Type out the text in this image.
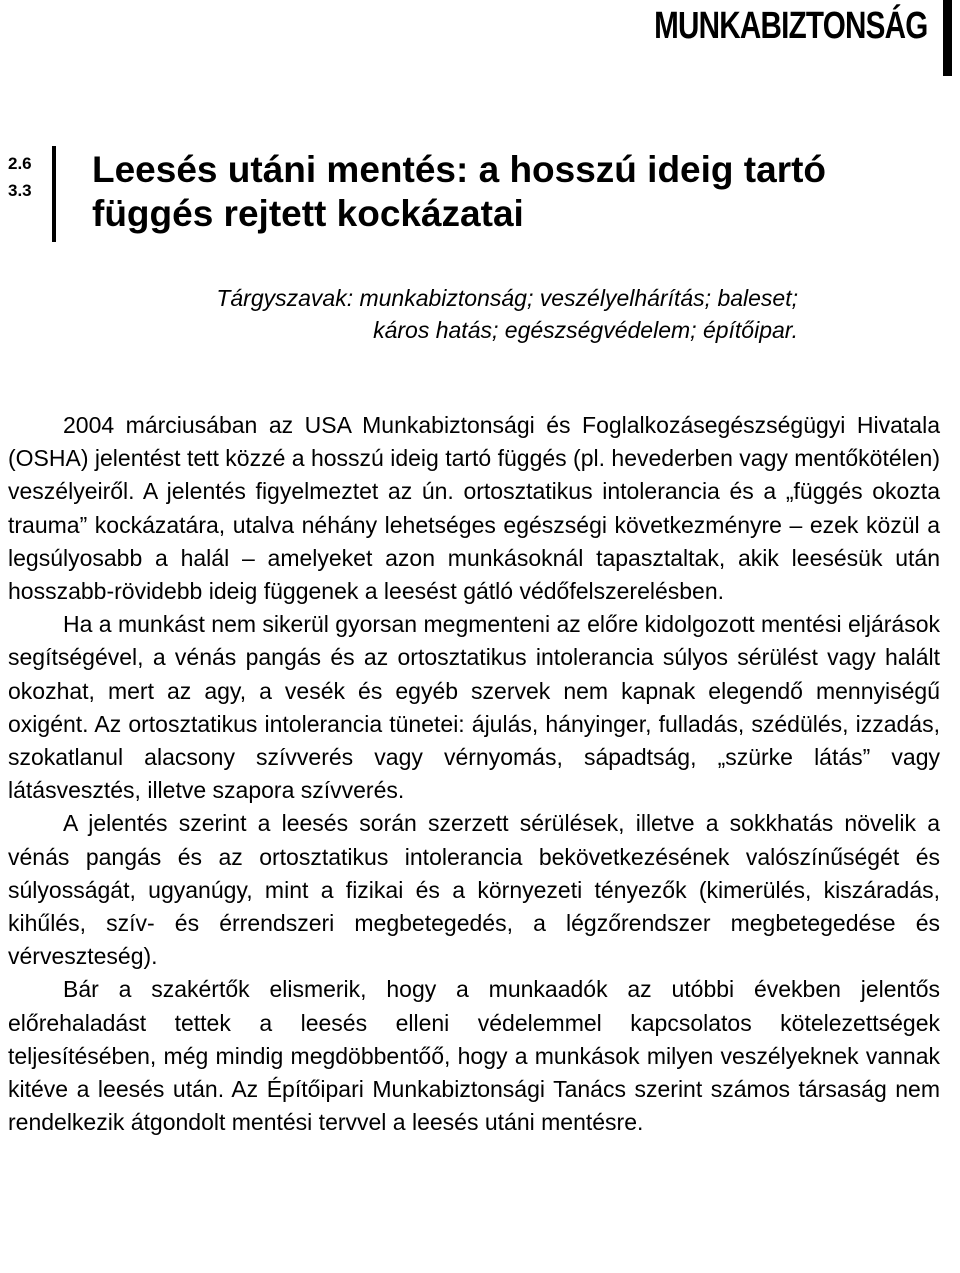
MUNKABIZTONSÁG
2.6
3.3
Leesés utáni mentés: a hosszú ideig tartó
függés rejtett kockázatai
Tárgyszavak: munkabiztonság; veszélyelhárítás; baleset;
káros hatás; egészségvédelem; építőipar.

2004 márciusában az USA Munkabiztonsági és Foglalkozásegészségügyi Hivatala (OSHA) jelentést tett közzé a hosszú ideig tartó függés (pl. hevederben vagy mentőkötélen) veszélyeiről. A jelentés figyelmeztet az ún. ortosztatikus intolerancia és a „függés okozta trauma” kockázatára, utalva néhány lehetséges egészségi következményre – ezek közül a legsúlyosabb a halál – amelyeket azon munkásoknál tapasztaltak, akik leesésük után hosszabb-rövidebb ideig függenek a leesést gátló védőfelszerelésben.

Ha a munkást nem sikerül gyorsan megmenteni az előre kidolgozott mentési eljárások segítségével, a vénás pangás és az ortosztatikus intolerancia súlyos sérülést vagy halált okozhat, mert az agy, a vesék és egyéb szervek nem kapnak elegendő mennyiségű oxigént. Az ortosztatikus intolerancia tünetei: ájulás, hányinger, fulladás, szédülés, izzadás, szokatlanul alacsony szívverés vagy vérnyomás, sápadtság, „szürke látás” vagy látásvesztés, illetve szapora szívverés.

A jelentés szerint a leesés során szerzett sérülések, illetve a sokkhatás növelik a vénás pangás és az ortosztatikus intolerancia bekövetkezésének valószínűségét és súlyosságát, ugyanúgy, mint a fizikai és a környezeti tényezők (kimerülés, kiszáradás, kihűlés, szív- és érrendszeri megbetegedés, a légzőrendszer megbetegedése és vérveszteség).

Bár a szakértők elismerik, hogy a munkaadók az utóbbi években jelentős előrehaladást tettek a leesés elleni védelemmel kapcsolatos kötelezettségek teljesítésében, még mindig megdöbbentőő, hogy a munkások milyen veszélyeknek vannak kitéve a leesés után. Az Építőipari Munkabiztonsági Tanács szerint számos társaság nem rendelkezik átgondolt mentési tervvel a leesés utáni mentésre.
